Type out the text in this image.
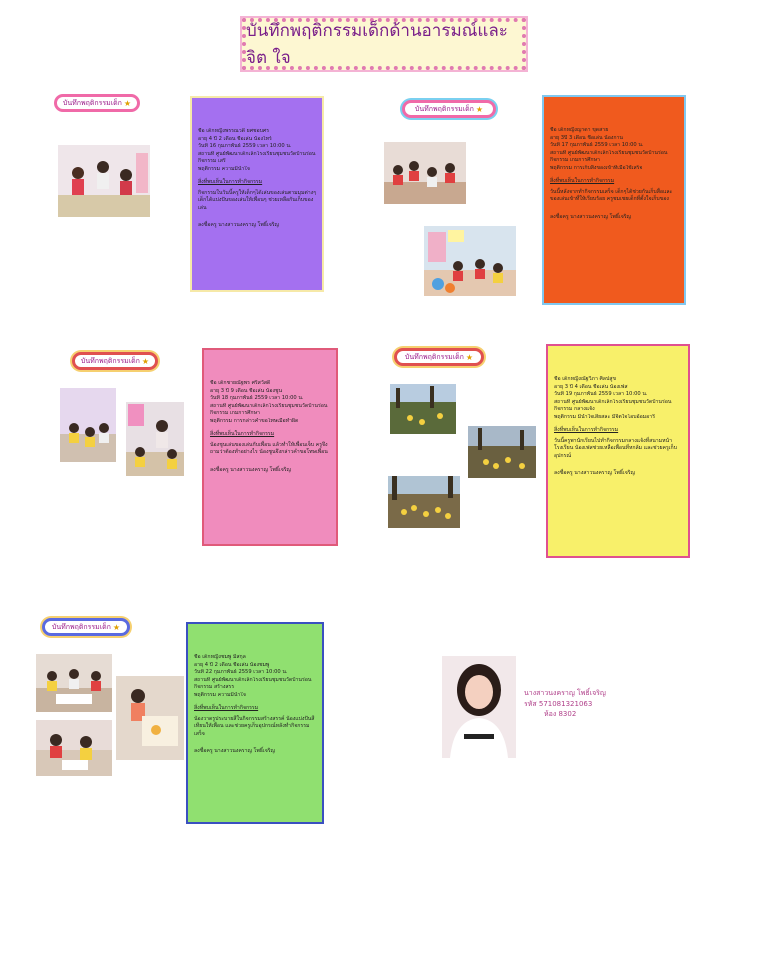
บันทึกพฤติกรรมเด็กด้านอารมณ์และจิต ใจ
บันทึกพฤติกรรมเด็ก ★
ชื่อ เด็กหญิงพรรณวดี ยศชอบศร
อายุ 4 ปี 2 เดือน ชื่อเล่น น้องไทร์
วันที่ 16 กุมภาพันธ์ 2559 เวลา 10:00 น.
สถานที่ ศูนย์พัฒนาเด็กเล็กโรงเรียนชุมชนวัดบ้านร่อน
กิจกรรม เสรี
พฤติกรรม ความมีน้ำใจ
สิ่งที่พบเห็นในการทำกิจกรรม
กิจกรรมในวันนี้ครูให้เด็กๆได้เล่นของเล่นตามมุมต่างๆ เด็กได้แบ่งปันของเล่นให้เพื่อนๆ ช่วยเหลือกันเก็บของเล่น
ลงชื่อครู นางสาวนงคราญ โพธิ์เจริญ
บันทึกพฤติกรรมเด็ก ★
ชื่อ เด็กหญิงญาดา ขุดสาย
อายุ 3ปี 3 เดือน ชื่อเล่น น้องกาน
วันที่ 17 กุมภาพันธ์ 2559 เวลา 10:00 น.
สถานที่ ศูนย์พัฒนาเด็กเล็กโรงเรียนชุมชนวัดบ้านร่อน
กิจกรรม เกมการศึกษา
พฤติกรรม การเก็บสิ่งของเข้าที่เมื่อใช้เสร็จ
สิ่งที่พบเห็นในการทำกิจกรรม
วันนี้หลังจากทำกิจกรรมเสร็จ เด็กๆได้ช่วยกันเก็บสื่อและของเล่นเข้าที่ให้เรียบร้อย ครูชมเชยเด็กที่ตั้งใจเก็บของ
ลงชื่อครู นางสาวนงคราญ โพธิ์เจริญ
บันทึกพฤติกรรมเด็ก ★
ชื่อ เด็กชายณัฐพร ศรีสวัสดิ์
อายุ 3 ปี 9 เดือน ชื่อเล่น น้องชูน
วันที่ 18 กุมภาพันธ์ 2559 เวลา 10:00 น.
สถานที่ ศูนย์พัฒนาเด็กเล็กโรงเรียนชุมชนวัดบ้านร่อน
กิจกรรม เกมการศึกษา
พฤติกรรม การกล่าวคำขอโทษเมื่อทำผิด
สิ่งที่พบเห็นในการทำกิจกรรม
น้องชูนเล่นของเล่นกับเพื่อน แล้วทำให้เพื่อนเจ็บ ครูจึงถามว่าต้องทำอย่างไร น้องชูนจึงกล่าวคำขอโทษเพื่อน
ลงชื่อครู นางสาวนงคราญ โพธิ์เจริญ
บันทึกพฤติกรรมเด็ก ★
ชื่อ เด็กหญิงณัฐวิภา ศิลปสูข
อายุ 3 ปี 4 เดือน ชื่อเล่น น้องเฟส
วันที่ 19 กุมภาพันธ์ 2559 เวลา 10:00 น.
สถานที่ ศูนย์พัฒนาเด็กเล็กโรงเรียนชุมชนวัดบ้านร่อน
กิจกรรม กลางแจ้ง
พฤติกรรม มีน้ำใจเสียสละ มีจิตใจโอบอ้อมอารี
สิ่งที่พบเห็นในการทำกิจกรรม
วันนี้ครูพานักเรียนไปทำกิจกรรมกลางแจ้งที่สนามหน้าโรงเรียน น้องเฟสช่วยเหลือเพื่อนที่หกล้ม และช่วยครูเก็บอุปกรณ์
ลงชื่อครู นางสาวนงคราญ โพธิ์เจริญ
บันทึกพฤติกรรมเด็ก ★
ชื่อ เด็กหญิงชมพู มีสกุล
อายุ 4 ปี 2 เดือน ชื่อเล่น น้องชมพู
วันที่ 22 กุมภาพันธ์ 2559 เวลา 10:00 น.
สถานที่ ศูนย์พัฒนาเด็กเล็กโรงเรียนชุมชนวัดบ้านร่อน
กิจกรรม สร้างสรร
พฤติกรรม ความมีน้ำใจ
สิ่งที่พบเห็นในการทำกิจกรรม
น้องวาดรูประบายสีในกิจกรรมสร้างสรรค์ น้องแบ่งปันสีเทียนให้เพื่อน และช่วยครูเก็บอุปกรณ์หลังทำกิจกรรมเสร็จ
ลงชื่อครู นางสาวนงคราญ โพธิ์เจริญ
นางสาวนงคราญ โพธิ์เจริญ
รหัส 571081321063
ห้อง 8302
